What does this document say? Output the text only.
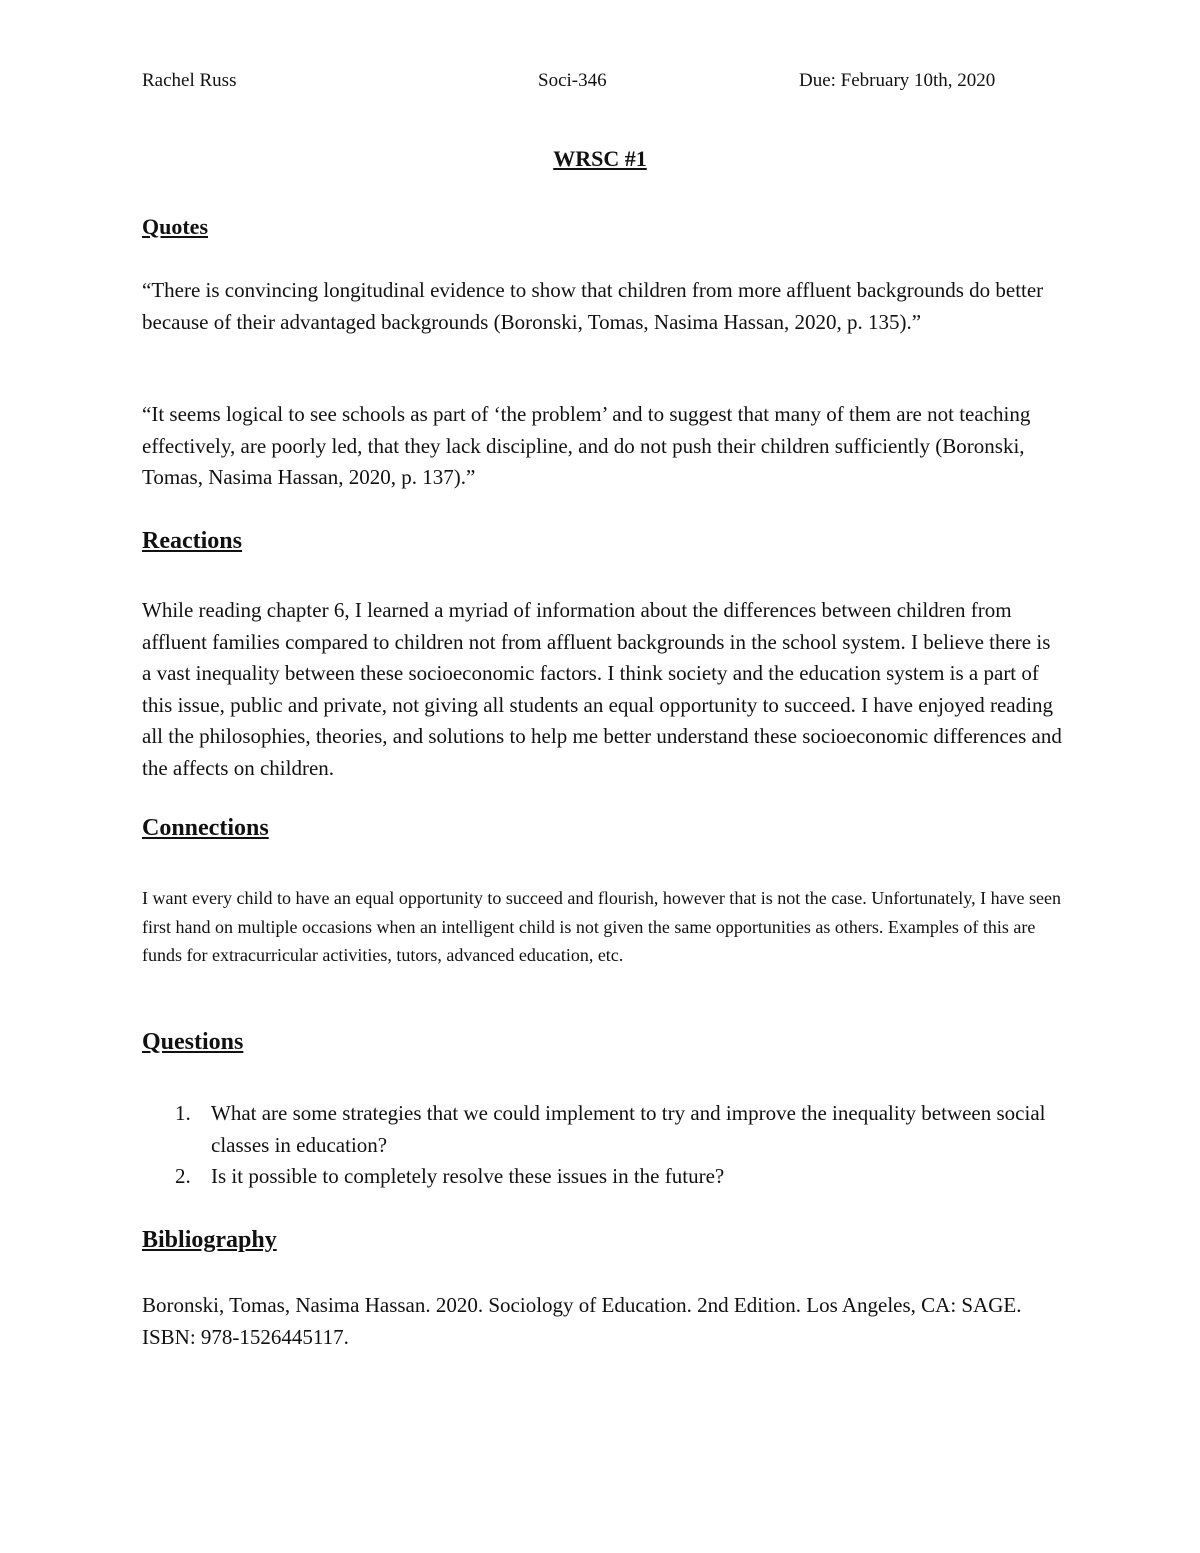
Rachel Russ	Soci-346	Due: February 10th, 2020
WRSC #1
Quotes
“There is convincing longitudinal evidence to show that children from more affluent backgrounds do better because of their advantaged backgrounds (Boronski, Tomas, Nasima Hassan, 2020, p. 135).”
“It seems logical to see schools as part of ‘the problem’ and to suggest that many of them are not teaching effectively, are poorly led, that they lack discipline, and do not push their children sufficiently (Boronski, Tomas, Nasima Hassan, 2020, p. 137).”
Reactions
While reading chapter 6, I learned a myriad of information about the differences between children from affluent families compared to children not from affluent backgrounds in the school system. I believe there is a vast inequality between these socioeconomic factors. I think society and the education system is a part of this issue, public and private, not giving all students an equal opportunity to succeed. I have enjoyed reading all the philosophies, theories, and solutions to help me better understand these socioeconomic differences and the affects on children.
Connections
I want every child to have an equal opportunity to succeed and flourish, however that is not the case. Unfortunately, I have seen first hand on multiple occasions when an intelligent child is not given the same opportunities as others. Examples of this are funds for extracurricular activities, tutors, advanced education, etc.
Questions
1. What are some strategies that we could implement to try and improve the inequality between social classes in education?
2. Is it possible to completely resolve these issues in the future?
Bibliography
Boronski, Tomas, Nasima Hassan. 2020. Sociology of Education. 2nd Edition. Los Angeles, CA: SAGE. ISBN: 978-1526445117.
